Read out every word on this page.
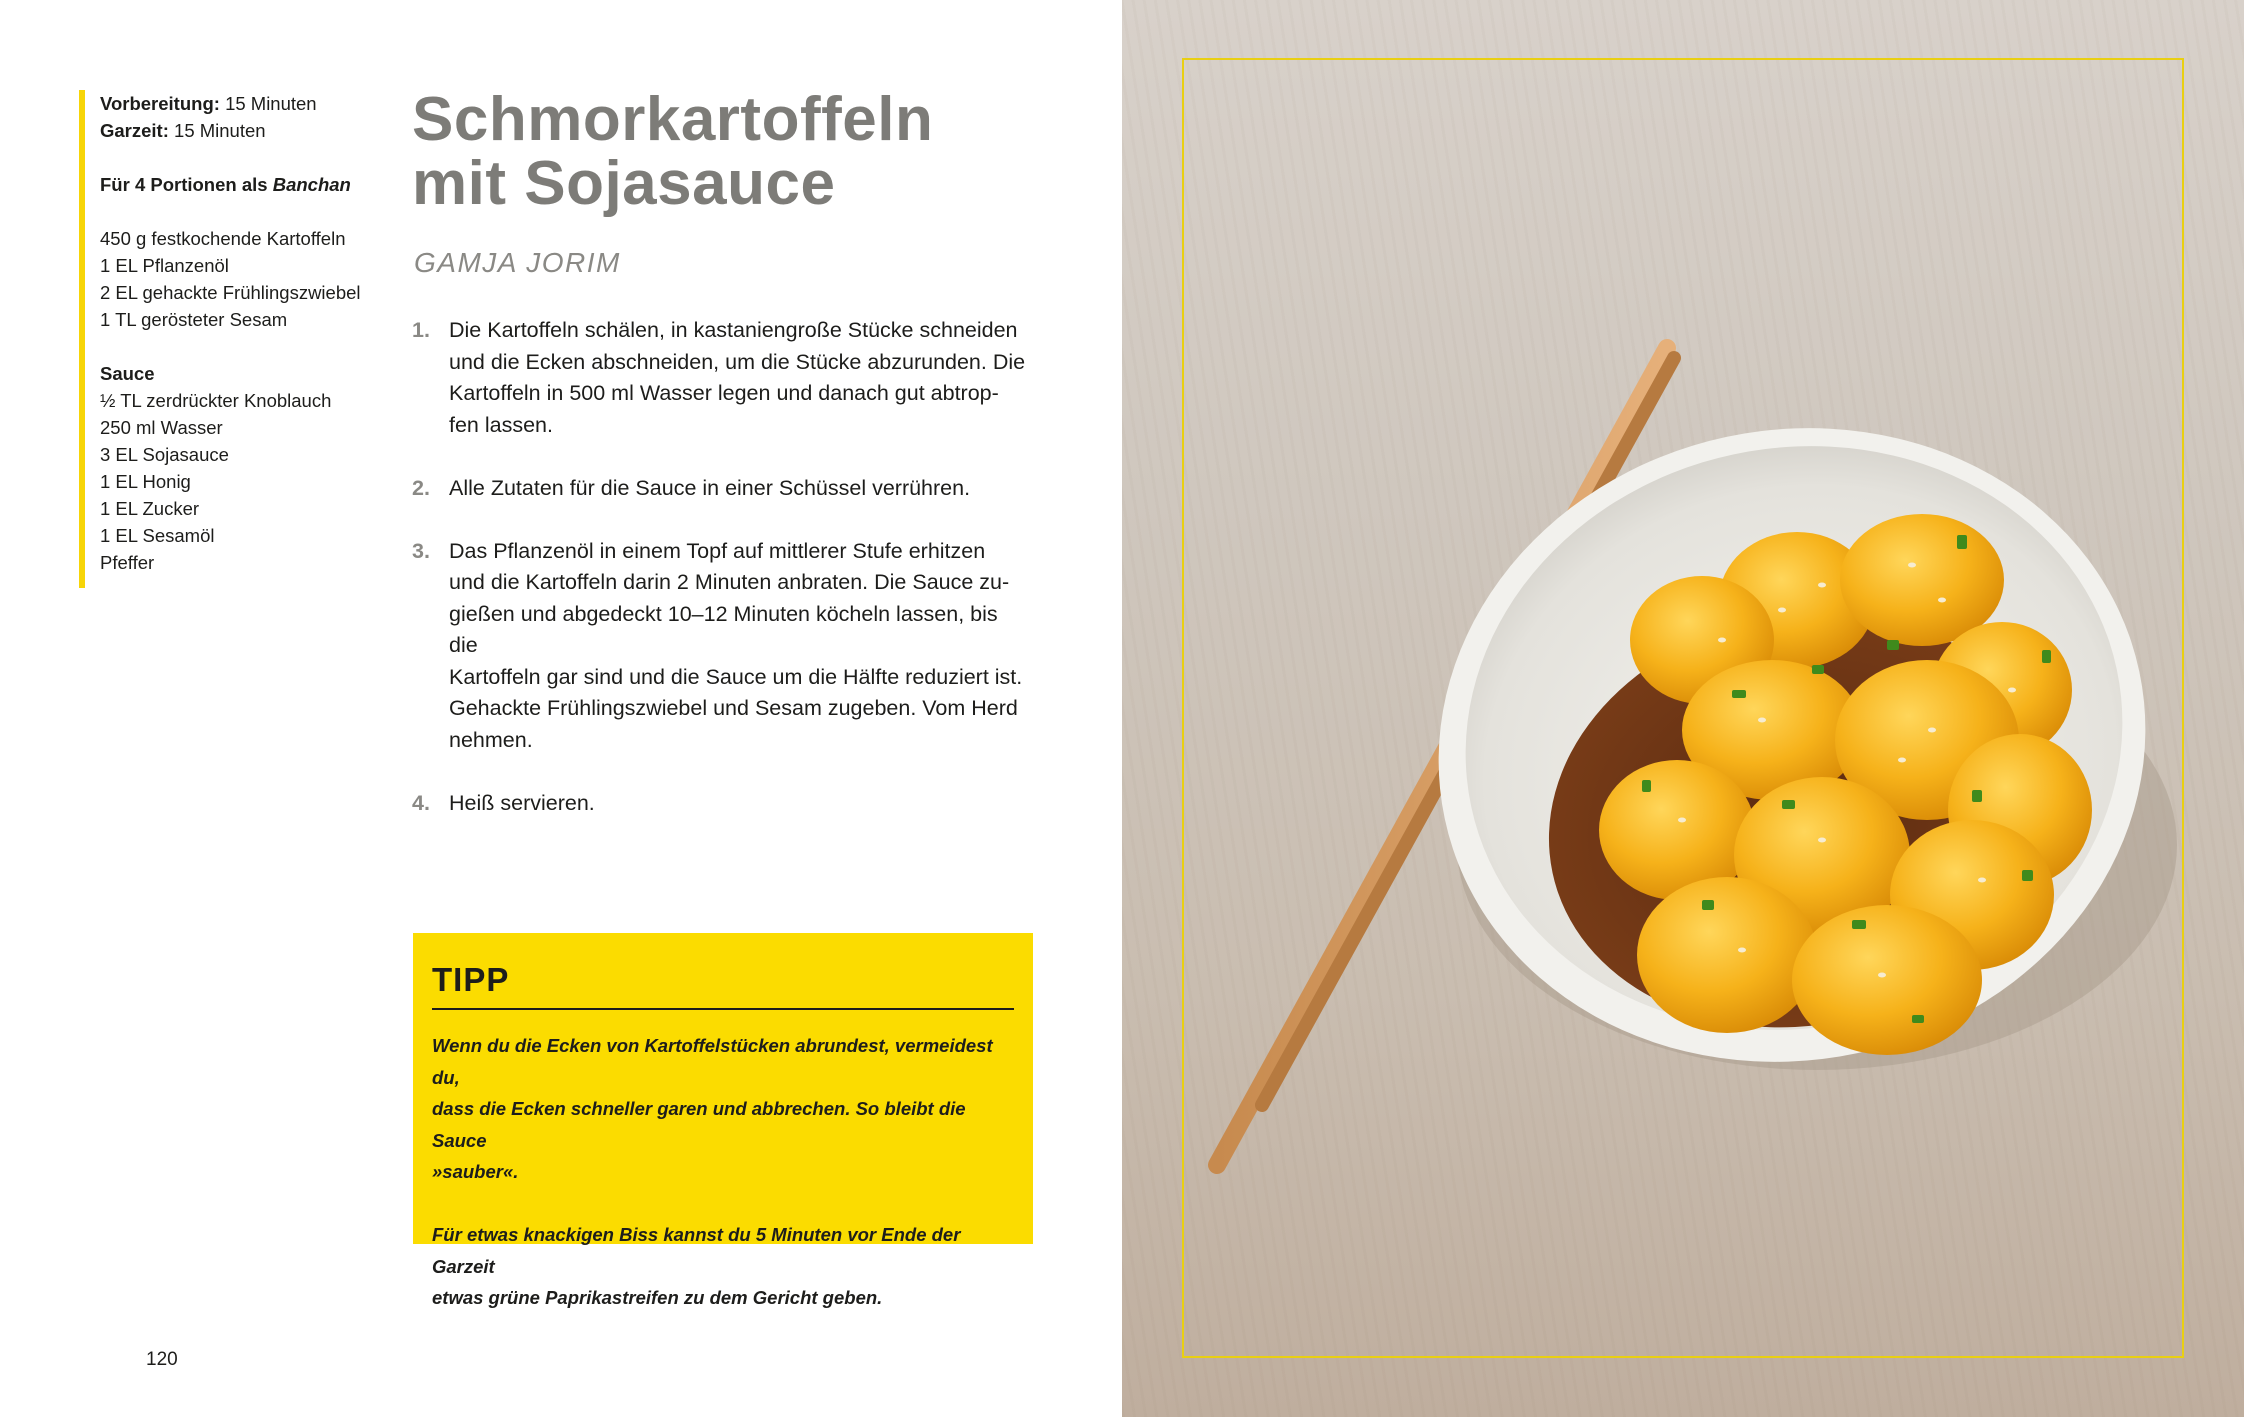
Vorbereitung: 15 Minuten
Garzeit: 15 Minuten
Für 4 Portionen als Banchan
450 g festkochende Kartoffeln
1 EL Pflanzenöl
2 EL gehackte Frühlingszwiebel
1 TL gerösteter Sesam
Sauce
½ TL zerdrückter Knoblauch
250 ml Wasser
3 EL Sojasauce
1 EL Honig
1 EL Zucker
1 EL Sesamöl
Pfeffer
Schmorkartoffeln
mit Sojasauce
GAMJA JORIM
1. Die Kartoffeln schälen, in kastaniengroße Stücke schneiden
und die Ecken abschneiden, um die Stücke abzurunden. Die
Kartoffeln in 500 ml Wasser legen und danach gut abtrop-
fen lassen.
2. Alle Zutaten für die Sauce in einer Schüssel verrühren.
3. Das Pflanzenöl in einem Topf auf mittlerer Stufe erhitzen
und die Kartoffeln darin 2 Minuten anbraten. Die Sauce zu-
gießen und abgedeckt 10–12 Minuten köcheln lassen, bis die
Kartoffeln gar sind und die Sauce um die Hälfte reduziert ist.
Gehackte Frühlingszwiebel und Sesam zugeben. Vom Herd
nehmen.
4. Heiß servieren.
TIPP

Wenn du die Ecken von Kartoffelstücken abrundest, vermeidest du,
dass die Ecken schneller garen und abbrechen. So bleibt die Sauce
»sauber«.

Für etwas knackigen Biss kannst du 5 Minuten vor Ende der Garzeit
etwas grüne Paprikastreifen zu dem Gericht geben.

120
